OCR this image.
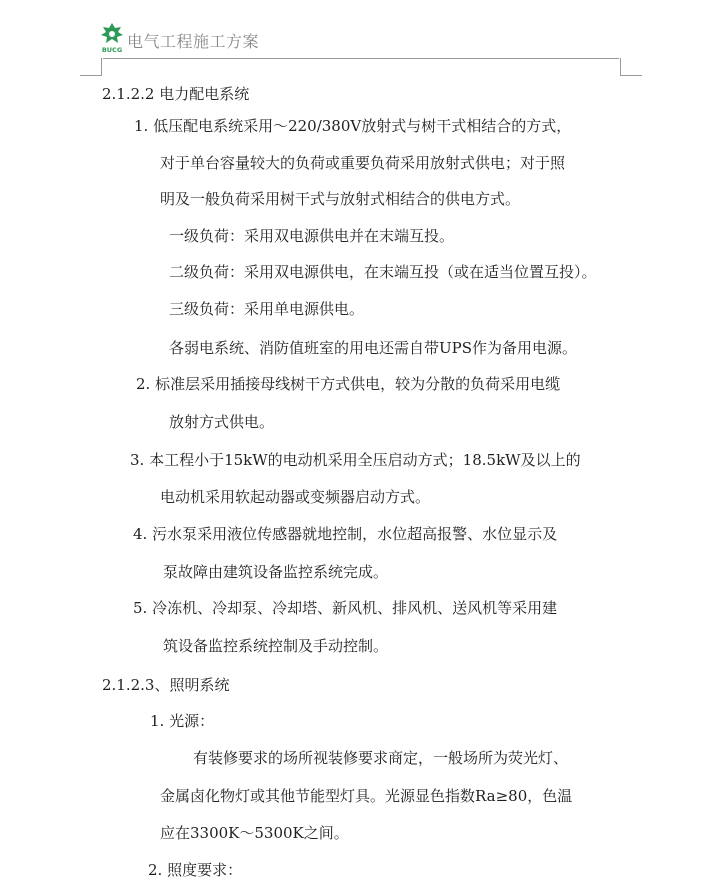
BUCG 电气工程施工方案
2.1.2.2 电力配电系统
1. 低压配电系统采用～220/380V放射式与树干式相结合的方式，
对于单台容量较大的负荷或重要负荷采用放射式供电；对于照
明及一般负荷采用树干式与放射式相结合的供电方式。
一级负荷：采用双电源供电并在末端互投。
二级负荷：采用双电源供电，在末端互投（或在适当位置互投）。
三级负荷：采用单电源供电。
各弱电系统、消防值班室的用电还需自带UPS作为备用电源。
2. 标准层采用插接母线树干方式供电，较为分散的负荷采用电缆
放射方式供电。
3. 本工程小于15kW的电动机采用全压启动方式；18.5kW及以上的
电动机采用软起动器或变频器启动方式。
4. 污水泵采用液位传感器就地控制，水位超高报警、水位显示及
泵故障由建筑设备监控系统完成。
5. 冷冻机、冷却泵、冷却塔、新风机、排风机、送风机等采用建
筑设备监控系统控制及手动控制。
2.1.2.3、照明系统
1. 光源：
有装修要求的场所视装修要求商定，一般场所为荧光灯、
金属卤化物灯或其他节能型灯具。光源显色指数Ra≥80，色温
应在3300K～5300K之间。
2. 照度要求：
